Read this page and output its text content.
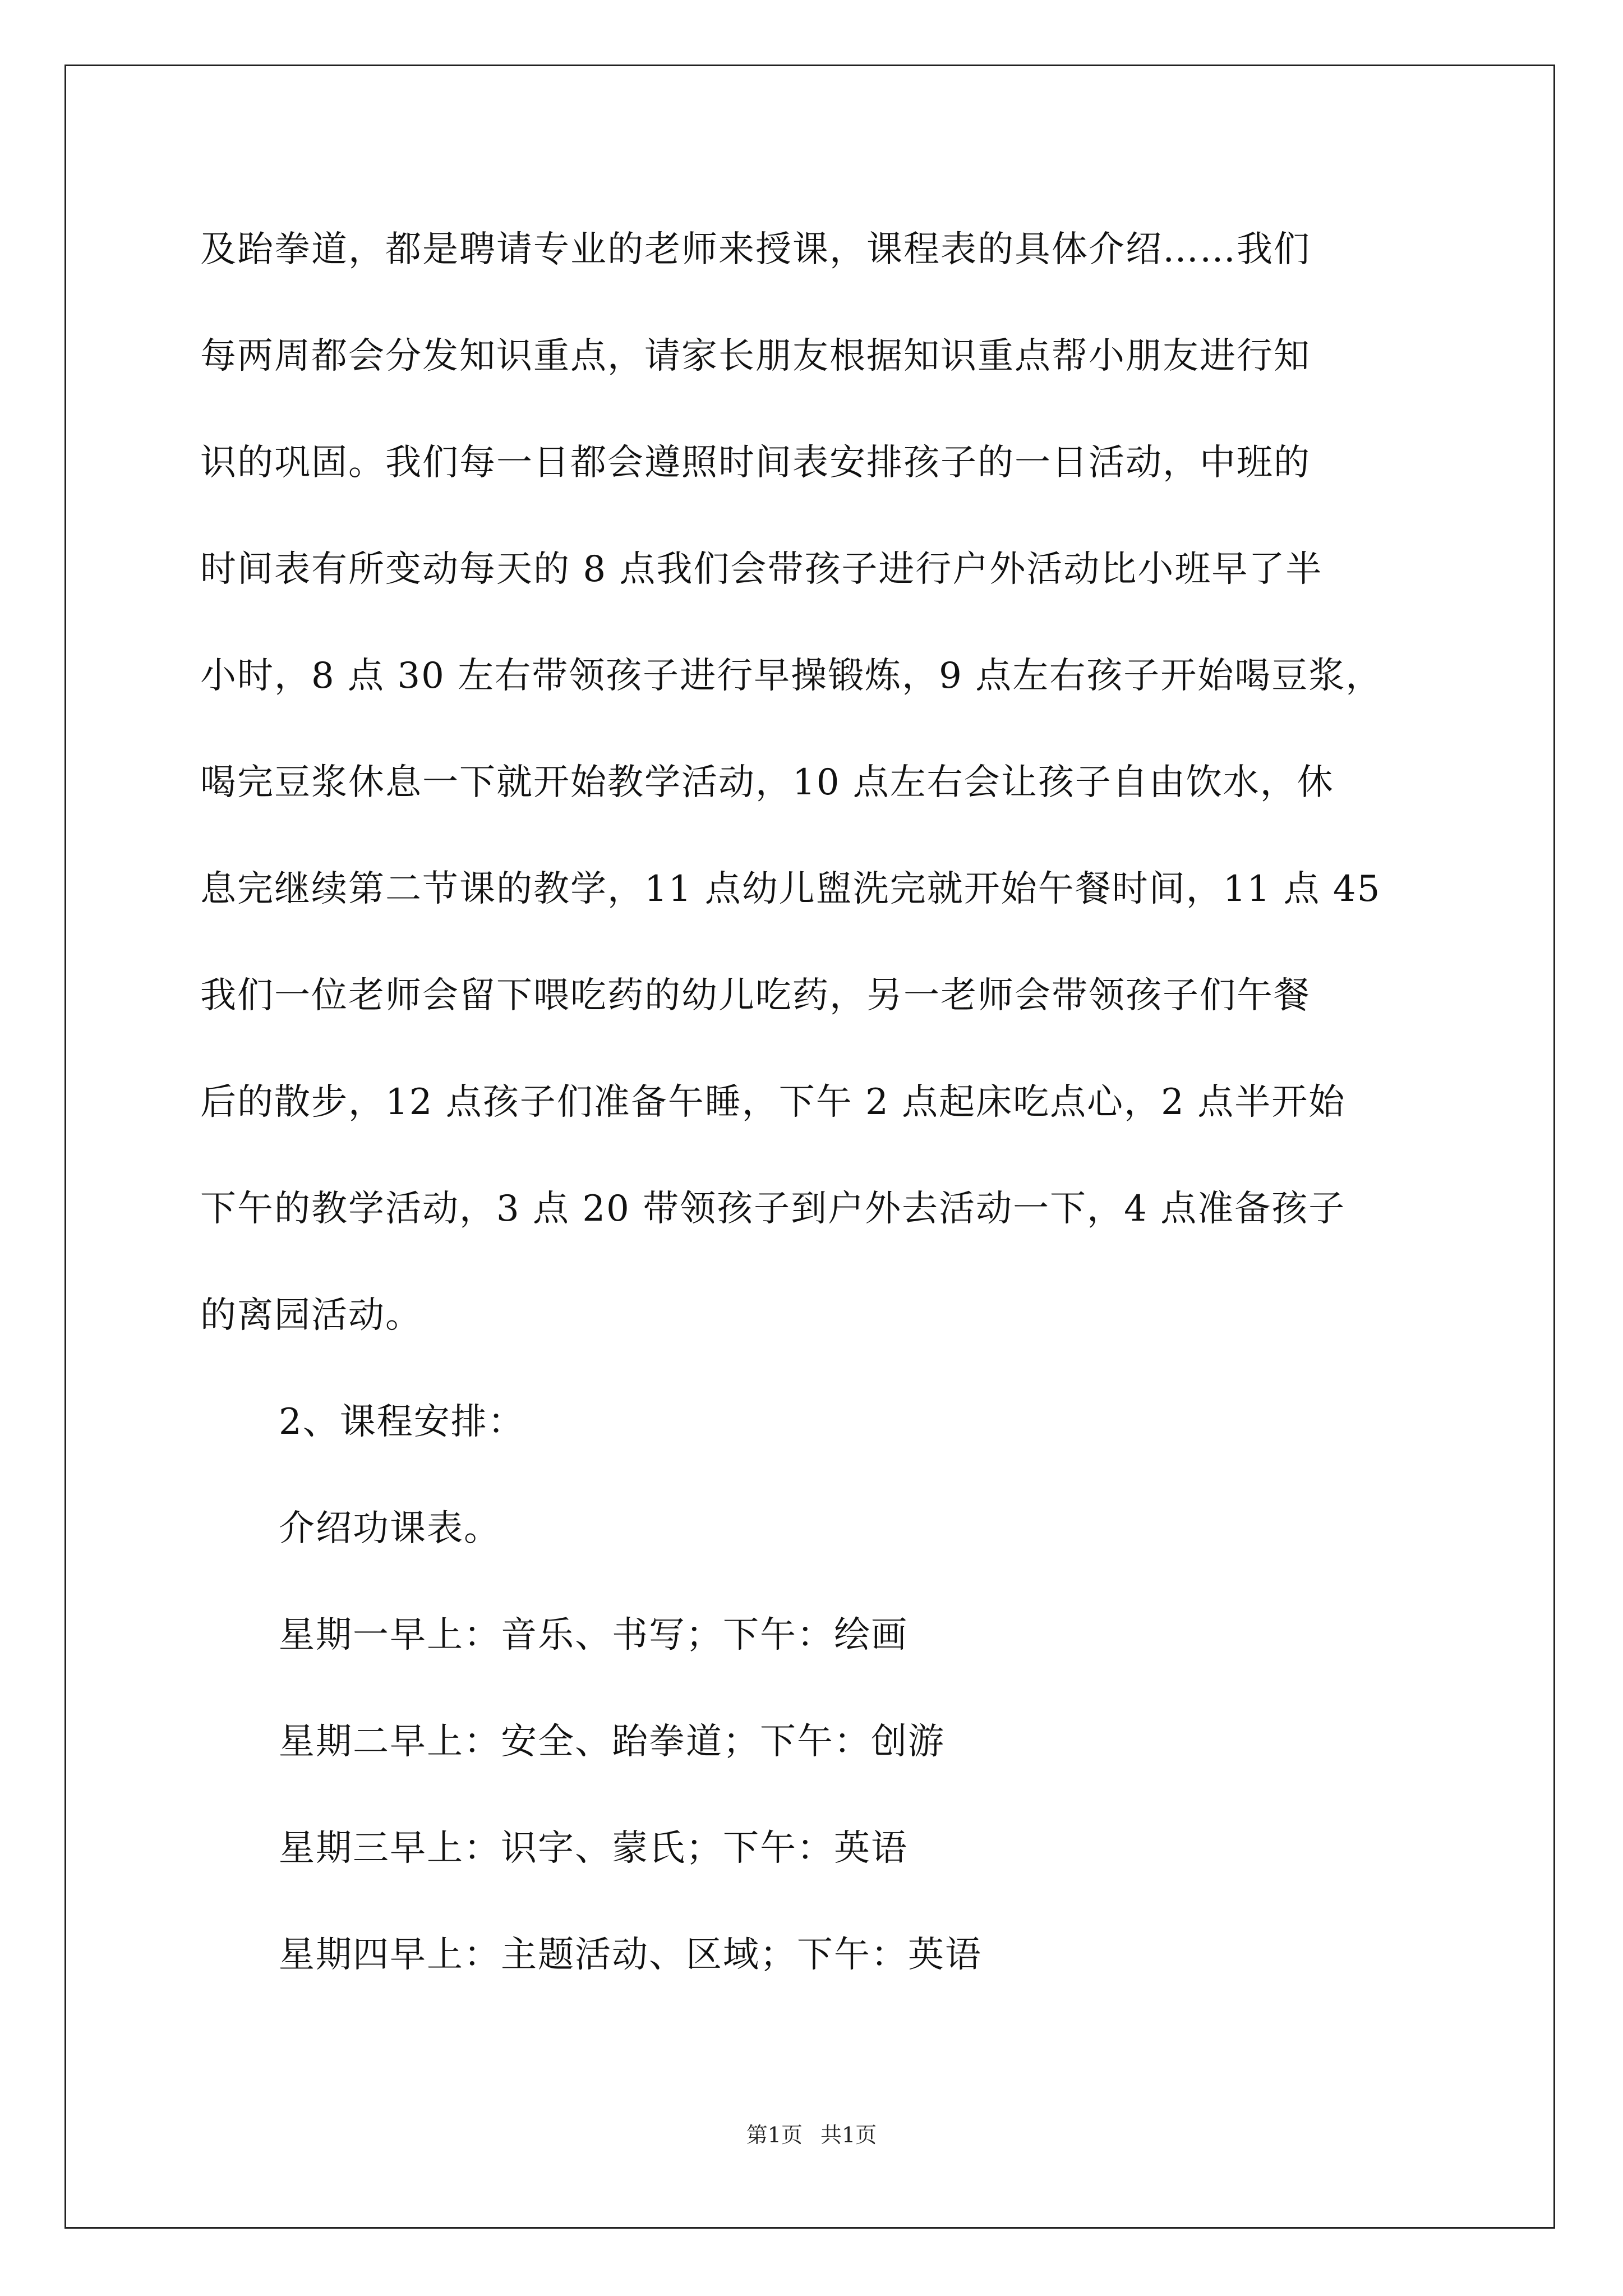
及跆拳道，都是聘请专业的老师来授课，课程表的具体介绍……我们
每两周都会分发知识重点，请家长朋友根据知识重点帮小朋友进行知
识的巩固。我们每一日都会遵照时间表安排孩子的一日活动，中班的
时间表有所变动每天的 8 点我们会带孩子进行户外活动比小班早了半
小时，8 点 30 左右带领孩子进行早操锻炼，9 点左右孩子开始喝豆浆，
喝完豆浆休息一下就开始教学活动，10 点左右会让孩子自由饮水，休
息完继续第二节课的教学，11 点幼儿盥洗完就开始午餐时间，11 点 45
我们一位老师会留下喂吃药的幼儿吃药，另一老师会带领孩子们午餐
后的散步，12 点孩子们准备午睡，下午 2 点起床吃点心，2 点半开始
下午的教学活动，3 点 20 带领孩子到户外去活动一下，4 点准备孩子
的离园活动。
2、课程安排：
介绍功课表。
星期一早上：音乐、书写；下午：绘画
星期二早上：安全、跆拳道；下午：创游
星期三早上：识字、蒙氏；下午：英语
星期四早上：主题活动、区域；下午：英语
第1页 共1页
